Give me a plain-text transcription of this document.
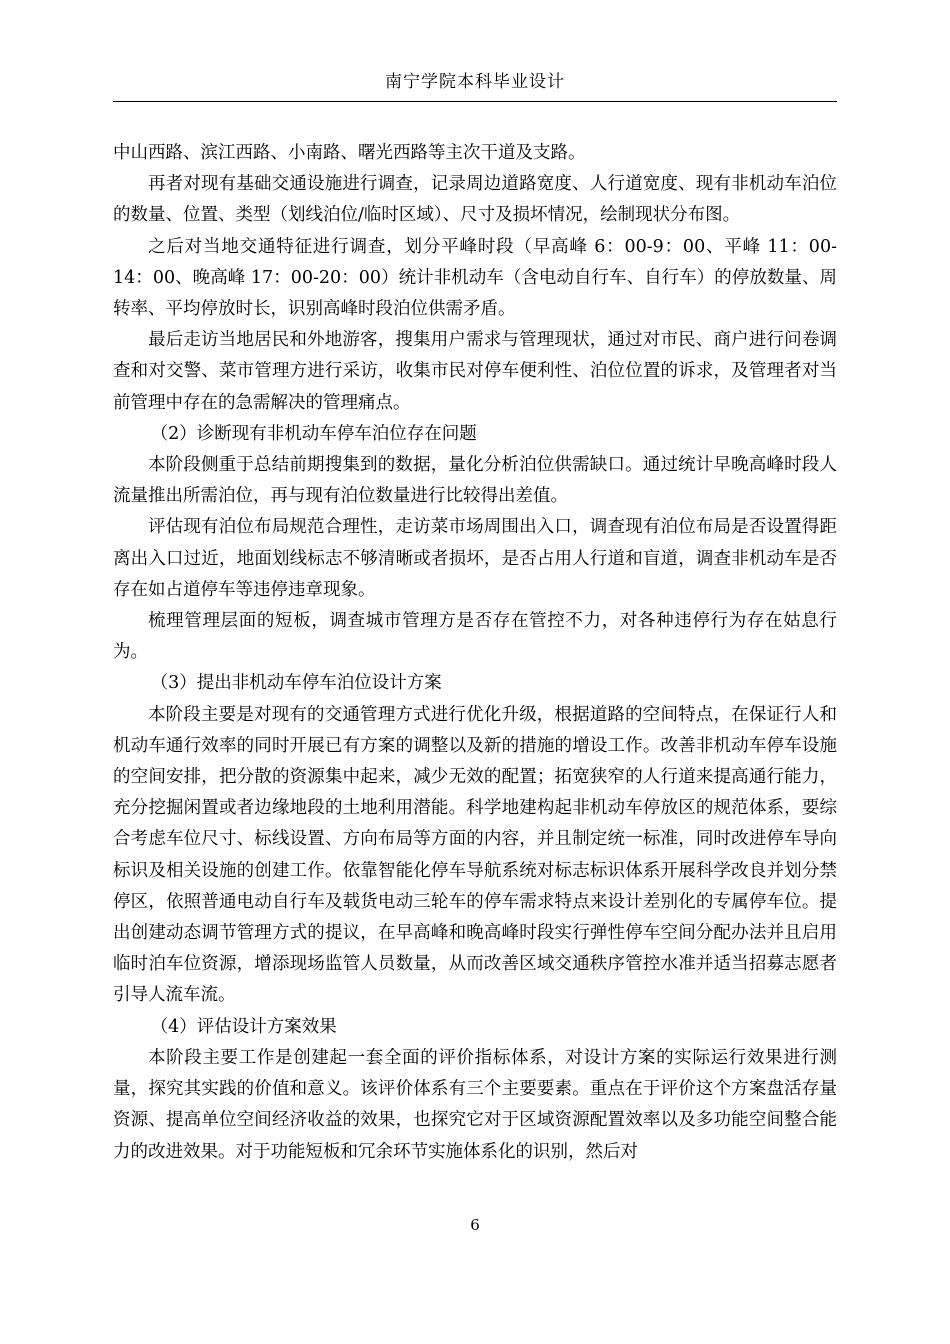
南宁学院本科毕业设计

中山西路、滨江西路、小南路、曙光西路等主次干道及支路。

再者对现有基础交通设施进行调查，记录周边道路宽度、人行道宽度、现有非机动车泊位的数量、位置、类型（划线泊位/临时区域）、尺寸及损坏情况，绘制现状分布图。

之后对当地交通特征进行调查，划分平峰时段（早高峰 6：00-9：00、平峰 11：00-14：00、晚高峰 17：00-20：00）统计非机动车（含电动自行车、自行车）的停放数量、周转率、平均停放时长，识别高峰时段泊位供需矛盾。

最后走访当地居民和外地游客，搜集用户需求与管理现状，通过对市民、商户进行问卷调查和对交警、菜市管理方进行采访，收集市民对停车便利性、泊位位置的诉求，及管理者对当前管理中存在的急需解决的管理痛点。

（2）诊断现有非机动车停车泊位存在问题

本阶段侧重于总结前期搜集到的数据，量化分析泊位供需缺口。通过统计早晚高峰时段人流量推出所需泊位，再与现有泊位数量进行比较得出差值。

评估现有泊位布局规范合理性，走访菜市场周围出入口，调查现有泊位布局是否设置得距离出入口过近，地面划线标志不够清晰或者损坏，是否占用人行道和盲道，调查非机动车是否存在如占道停车等违停违章现象。

梳理管理层面的短板，调查城市管理方是否存在管控不力，对各种违停行为存在姑息行为。

（3）提出非机动车停车泊位设计方案

本阶段主要是对现有的交通管理方式进行优化升级，根据道路的空间特点，在保证行人和机动车通行效率的同时开展已有方案的调整以及新的措施的增设工作。改善非机动车停车设施的空间安排，把分散的资源集中起来，减少无效的配置；拓宽狭窄的人行道来提高通行能力，充分挖掘闲置或者边缘地段的土地利用潜能。科学地建构起非机动车停放区的规范体系，要综合考虑车位尺寸、标线设置、方向布局等方面的内容，并且制定统一标准，同时改进停车导向标识及相关设施的创建工作。依靠智能化停车导航系统对标志标识体系开展科学改良并划分禁停区，依照普通电动自行车及载货电动三轮车的停车需求特点来设计差别化的专属停车位。提出创建动态调节管理方式的提议，在早高峰和晚高峰时段实行弹性停车空间分配办法并且启用临时泊车位资源，增添现场监管人员数量，从而改善区域交通秩序管控水准并适当招募志愿者引导人流车流。

（4）评估设计方案效果

本阶段主要工作是创建起一套全面的评价指标体系，对设计方案的实际运行效果进行测量，探究其实践的价值和意义。该评价体系有三个主要要素。重点在于评价这个方案盘活存量资源、提高单位空间经济收益的效果，也探究它对于区域资源配置效率以及多功能空间整合能力的改进效果。对于功能短板和冗余环节实施体系化的识别，然后对

6
